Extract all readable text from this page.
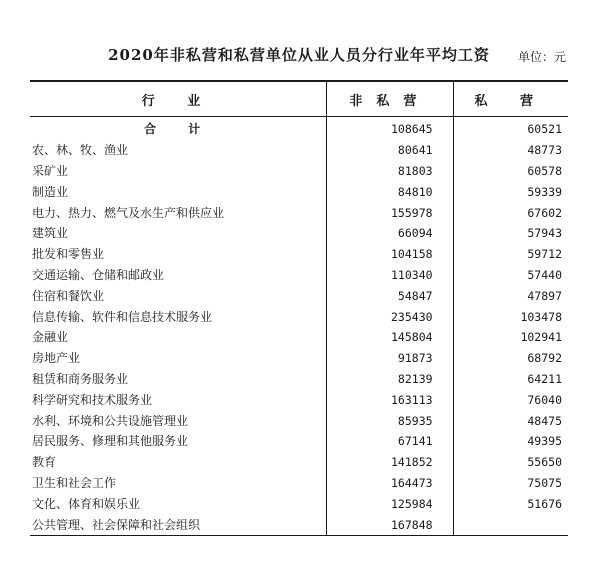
2020年非私营和私营单位从业人员分行业年平均工资	单位：元
行 业	非私营	私 营
合 计	108645	60521
农、林、牧、渔业	80641	48773
采矿业	81803	60578
制造业	84810	59339
电力、热力、燃气及水生产和供应业	155978	67602
建筑业	66094	57943
批发和零售业	104158	59712
交通运输、仓储和邮政业	110340	57440
住宿和餐饮业	54847	47897
信息传输、软件和信息技术服务业	235430	103478
金融业	145804	102941
房地产业	91873	68792
租赁和商务服务业	82139	64211
科学研究和技术服务业	163113	76040
水利、环境和公共设施管理业	85935	48475
居民服务、修理和其他服务业	67141	49395
教育	141852	55650
卫生和社会工作	164473	75075
文化、体育和娱乐业	125984	51676
公共管理、社会保障和社会组织	167848	
